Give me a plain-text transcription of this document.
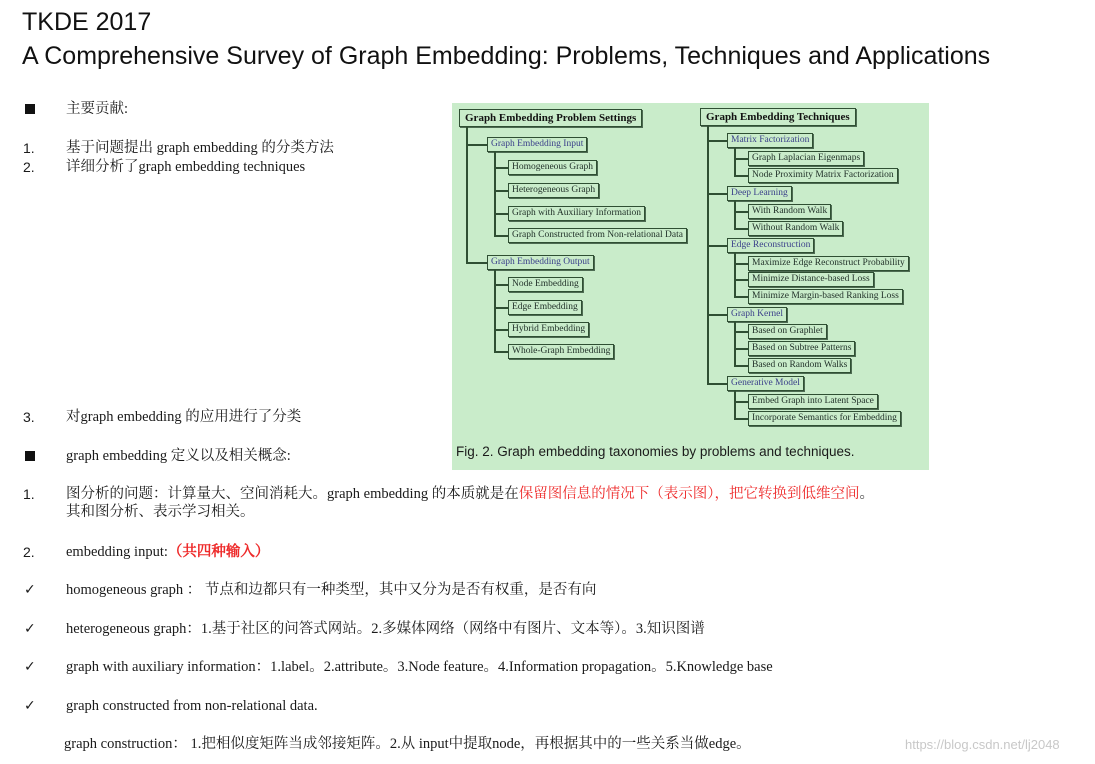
TKDE 2017
A Comprehensive Survey of Graph Embedding: Problems, Techniques and Applications
主要贡献:
1.	基于问题提出 graph embedding 的分类方法
2.	详细分析了graph embedding techniques
3.	对graph embedding 的应用进行了分类
graph embedding 定义以及相关概念:
1.	图分析的问题：计算量大、空间消耗大。graph embedding 的本质就是在保留图信息的情况下（表示图），把它转换到低维空间。
其和图分析、表示学习相关。
2.	embedding input:（共四种输入）
✓	homogeneous graph ： 节点和边都只有一种类型，其中又分为是否有权重，是否有向
✓	heterogeneous graph：1.基于社区的问答式网站。2.多媒体网络（网络中有图片、文本等）。3.知识图谱
✓	graph with auxiliary information：1.label。2.attribute。3.Node feature。4.Information propagation。5.Knowledge base
✓	graph constructed from non-relational data.
graph construction： 1.把相似度矩阵当成邻接矩阵。2.从 input中提取node，再根据其中的一些关系当做edge。
Graph Embedding Problem Settings
Graph Embedding Input
Homogeneous Graph
Heterogeneous Graph
Graph with Auxiliary Information
Graph Constructed from Non-relational Data
Graph Embedding Output
Node Embedding
Edge Embedding
Hybrid Embedding
Whole-Graph Embedding
Graph Embedding Techniques
Matrix Factorization
Graph Laplacian Eigenmaps
Node Proximity Matrix Factorization
Deep Learning
With Random Walk
Without Random Walk
Edge Reconstruction
Maximize Edge Reconstruct Probability
Minimize Distance-based Loss
Minimize Margin-based Ranking Loss
Graph Kernel
Based on Graphlet
Based on Subtree Patterns
Based on Random Walks
Generative Model
Embed Graph into Latent Space
Incorporate Semantics for Embedding
Fig. 2. Graph embedding taxonomies by problems and techniques.
https://blog.csdn.net/lj2048
